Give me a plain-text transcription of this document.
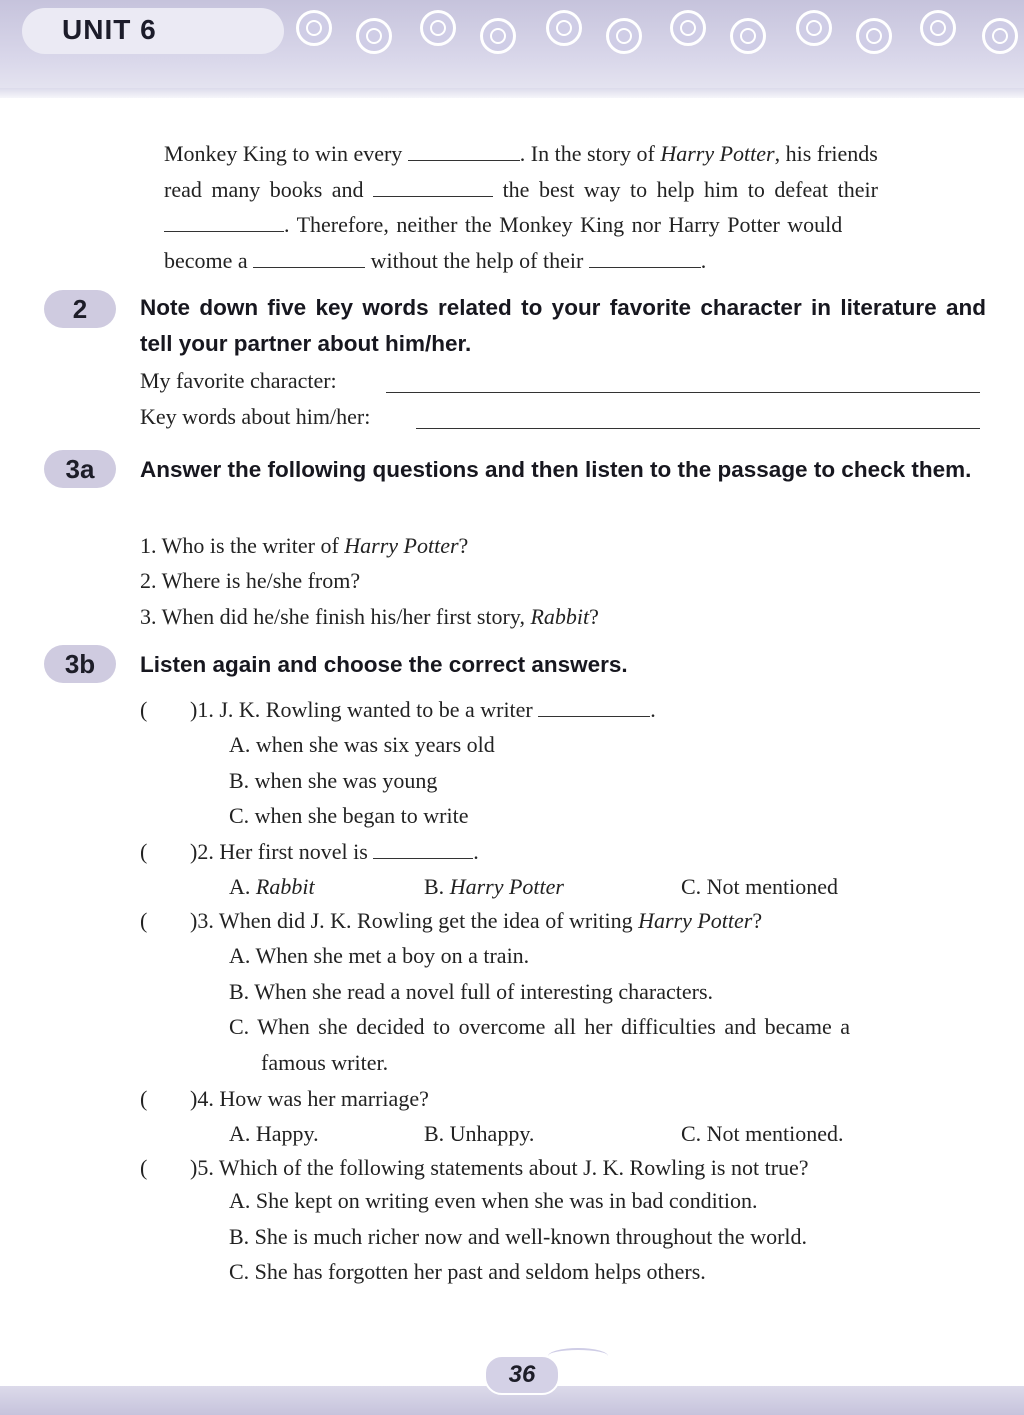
UNIT 6
Monkey King to win every	. In the story of Harry Potter, his friends
read many books and	the best way to help him to defeat their
. Therefore, neither the Monkey King nor Harry Potter would
become a	without the help of their	.
2	Note down five key words related to your favorite character in literature and tell your partner about him/her.
My favorite character:
Key words about him/her:
3a	Answer the following questions and then listen to the passage to check them.
1. Who is the writer of Harry Potter?
2. Where is he/she from?
3. When did he/she finish his/her first story, Rabbit?
3b	Listen again and choose the correct answers.
( )1. J. K. Rowling wanted to be a writer	.
A. when she was six years old
B. when she was young
C. when she began to write
( )2. Her first novel is	.
A. Rabbit	B. Harry Potter	C. Not mentioned
( )3. When did J. K. Rowling get the idea of writing Harry Potter?
A. When she met a boy on a train.
B. When she read a novel full of interesting characters.
C. When she decided to overcome all her difficulties and became a
famous writer.
( )4. How was her marriage?
A. Happy.	B. Unhappy.	C. Not mentioned.
( )5. Which of the following statements about J. K. Rowling is not true?
A. She kept on writing even when she was in bad condition.
B. She is much richer now and well-known throughout the world.
C. She has forgotten her past and seldom helps others.
36
